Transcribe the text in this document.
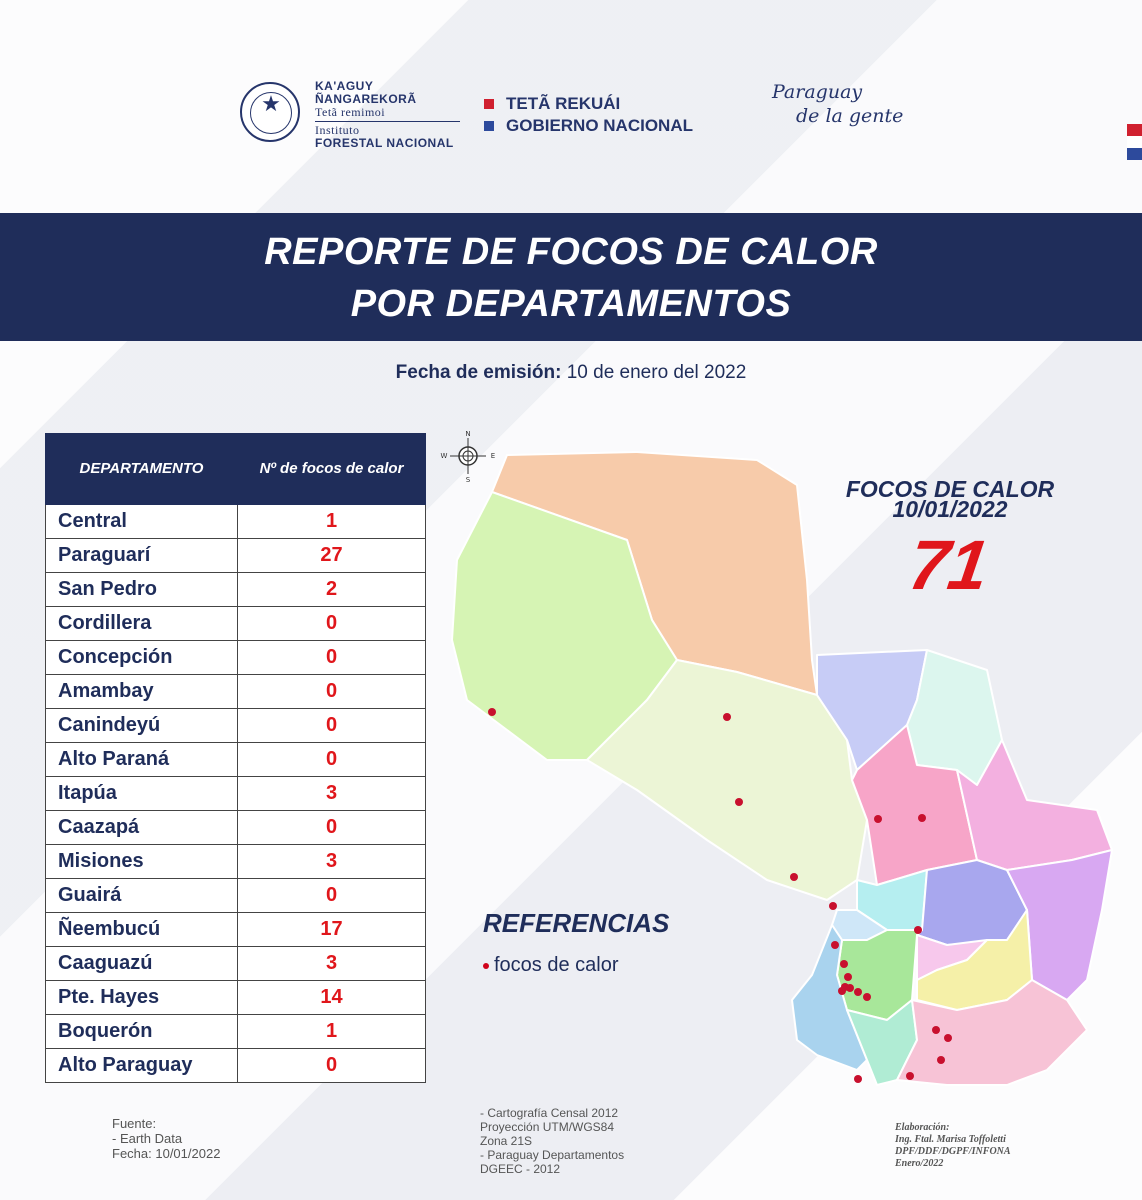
★
KA'AGUY
ÑANGAREKORÃ
Tetã remimoi
Instituto
FORESTAL NACIONAL
TETÃ REKUÁI
GOBIERNO NACIONAL
Paraguay
de la gente
REPORTE DE FOCOS DE CALOR
POR DEPARTAMENTOS
Fecha de emisión: 10 de enero del 2022
DEPARTAMENTO	Nº de focos de calor
Central	1
Paraguarí	27
San Pedro	2
Cordillera	0
Concepción	0
Amambay	0
Canindeyú	0
Alto Paraná	0
Itapúa	3
Caazapá	0
Misiones	3
Guairá	0
Ñeembucú	17
Caaguazú	3
Pte. Hayes	14
Boquerón	1
Alto Paraguay	0
N
S
E
W
FOCOS DE CALOR
10/01/2022
71
REFERENCIAS
focos de calor
Fuente:
- Earth Data
Fecha: 10/01/2022
- Cartografía Censal 2012
Proyección UTM/WGS84
Zona 21S
- Paraguay Departamentos
DGEEC - 2012
Elaboración:
Ing. Ftal. Marisa Toffoletti
DPF/DDF/DGPF/INFONA
Enero/2022
